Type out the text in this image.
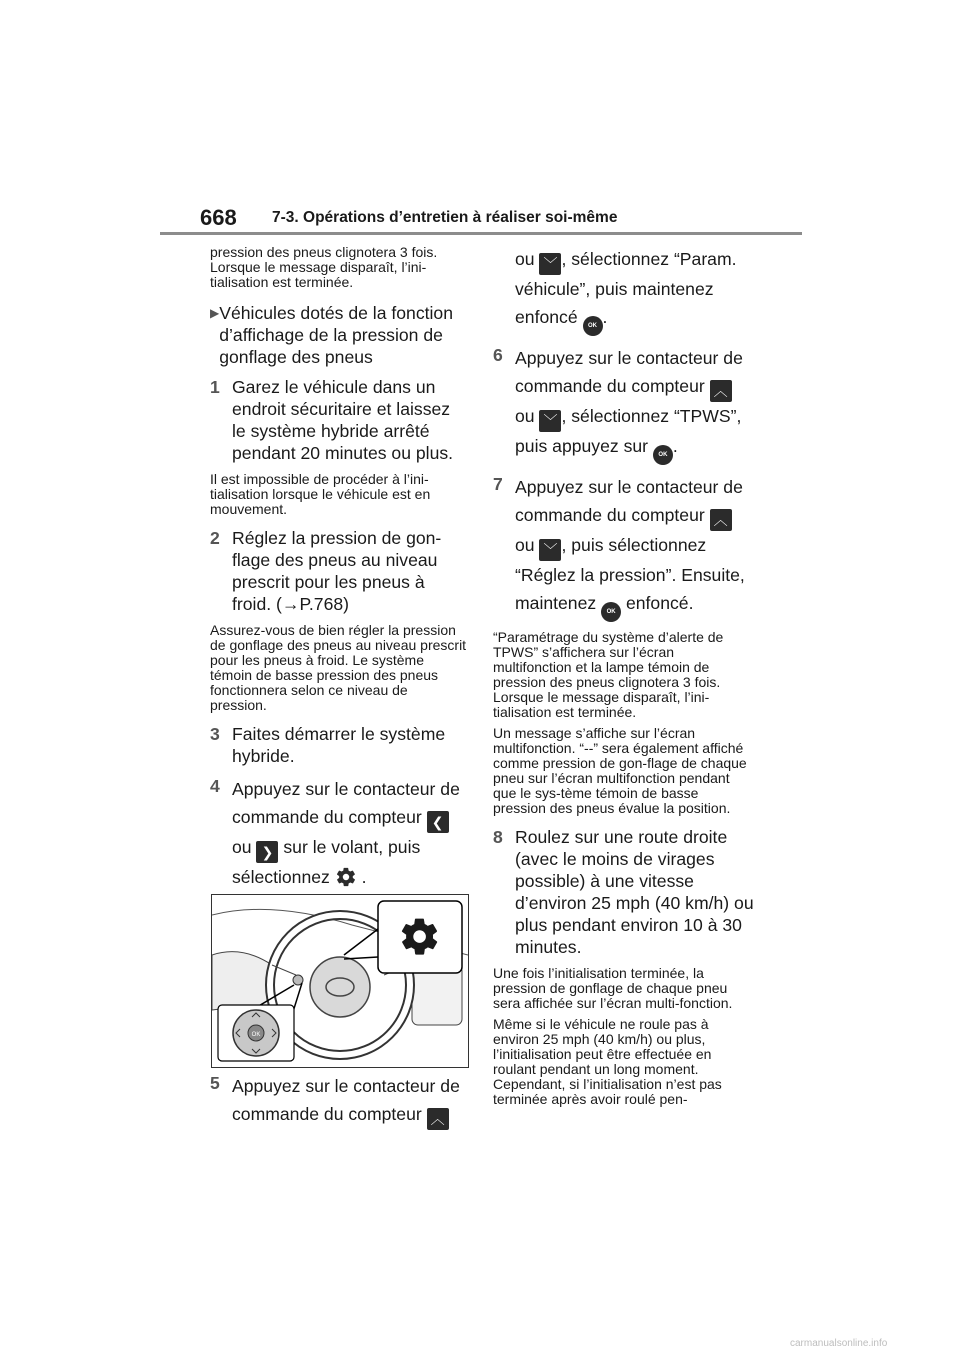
668 7-3. Opérations d’entretien à réaliser soi-même

pression des pneus clignotera 3 fois.

Lorsque le message disparaît, l’ini-tialisation est terminée.

▶ Véhicules dotés de la fonction d’affichage de la pression de gonflage des pneus
1 Garez le véhicule dans un endroit sécuritaire et laissez le système hybride arrêté pendant 20 minutes ou plus.

Il est impossible de procéder à l’ini-tialisation lorsque le véhicule est en mouvement.

2 Réglez la pression de gon-flage des pneus au niveau prescrit pour les pneus à froid. (→P.768)

Assurez-vous de bien régler la pression de gonflage des pneus au niveau prescrit pour les pneus à froid. Le système témoin de basse pression des pneus fonctionnera selon ce niveau de pression.

3 Faites démarrer le système hybride.
4 Appuyez sur le contacteur de commande du compteur ❮ ou ❯ sur le volant, puis sélectionnez .
OK
5 Appuyez sur le contacteur de commande du compteur ︿
ou ﹀ , sélectionnez “Param. véhicule”, puis maintenez enfoncé OK .
6 Appuyez sur le contacteur de commande du compteur ︿ ou ﹀ , sélectionnez “TPWS”, puis appuyez sur OK .
7 Appuyez sur le contacteur de commande du compteur ︿ ou ﹀ , puis sélectionnez “Réglez la pression”. Ensuite, maintenez OK enfoncé.

“Paramétrage du système d’alerte de TPWS” s’affichera sur l’écran multifonction et la lampe témoin de pression des pneus clignotera 3 fois.

Lorsque le message disparaît, l’ini-tialisation est terminée.

Un message s’affiche sur l’écran multifonction. “--” sera également affiché comme pression de gon-flage de chaque pneu sur l’écran multifonction pendant que le sys-tème témoin de basse pression des pneus évalue la position.

8 Roulez sur une route droite (avec le moins de virages possible) à une vitesse d’environ 25 mph (40 km/h) ou plus pendant environ 10 à 30 minutes.

Une fois l’initialisation terminée, la pression de gonflage de chaque pneu sera affichée sur l’écran multi-fonction.

Même si le véhicule ne roule pas à environ 25 mph (40 km/h) ou plus, l’initialisation peut être effectuée en roulant pendant un long moment. Cependant, si l’initialisation n’est pas terminée après avoir roulé pen-

carmanualsonline.info
